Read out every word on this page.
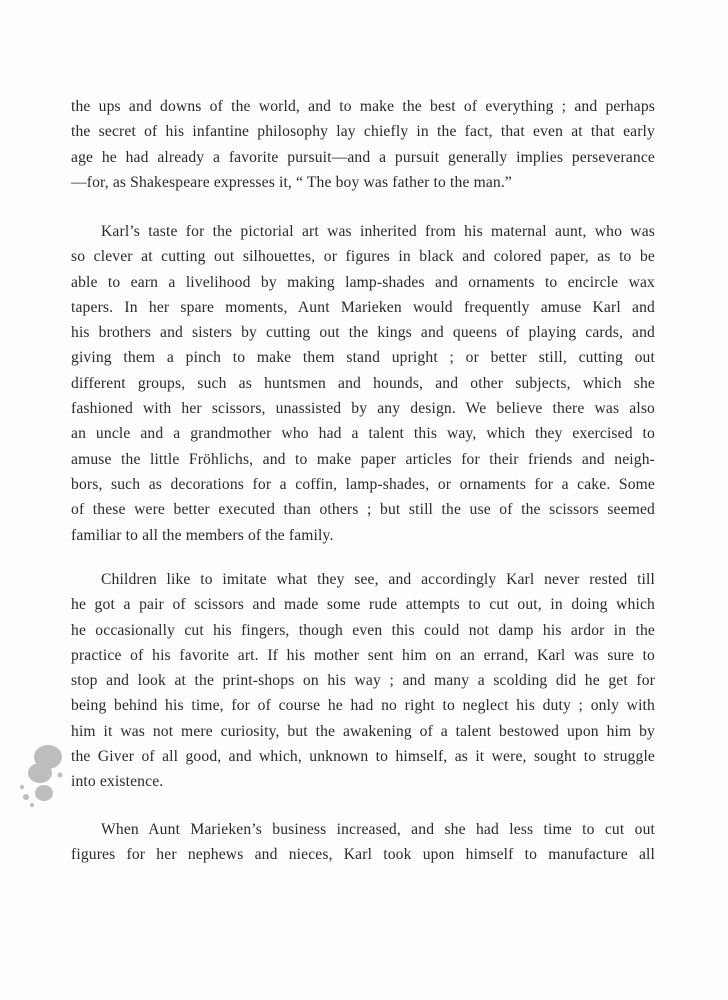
the ups and downs of the world, and to make the best of everything ; and perhaps
the secret of his infantine philosophy lay chiefly in the fact, that even at that early
age he had already a favorite pursuit—and a pursuit generally implies perseverance
—for, as Shakespeare expresses it, “ The boy was father to the man.”
Karl’s taste for the pictorial art was inherited from his maternal aunt, who was
so clever at cutting out silhouettes, or figures in black and colored paper, as to be
able to earn a livelihood by making lamp-shades and ornaments to encircle wax
tapers. In her spare moments, Aunt Marieken would frequently amuse Karl and
his brothers and sisters by cutting out the kings and queens of playing cards, and
giving them a pinch to make them stand upright ; or better still, cutting out
different groups, such as huntsmen and hounds, and other subjects, which she
fashioned with her scissors, unassisted by any design. We believe there was also
an uncle and a grandmother who had a talent this way, which they exercised to
amuse the little Fröhlichs, and to make paper articles for their friends and neigh-
bors, such as decorations for a coffin, lamp-shades, or ornaments for a cake. Some
of these were better executed than others ; but still the use of the scissors seemed
familiar to all the members of the family.
Children like to imitate what they see, and accordingly Karl never rested till
he got a pair of scissors and made some rude attempts to cut out, in doing which
he occasionally cut his fingers, though even this could not damp his ardor in the
practice of his favorite art. If his mother sent him on an errand, Karl was sure to
stop and look at the print-shops on his way ; and many a scolding did he get for
being behind his time, for of course he had no right to neglect his duty ; only with
him it was not mere curiosity, but the awakening of a talent bestowed upon him by
the Giver of all good, and which, unknown to himself, as it were, sought to struggle
into existence.
When Aunt Marieken’s business increased, and she had less time to cut out
figures for her nephews and nieces, Karl took upon himself to manufacture all
